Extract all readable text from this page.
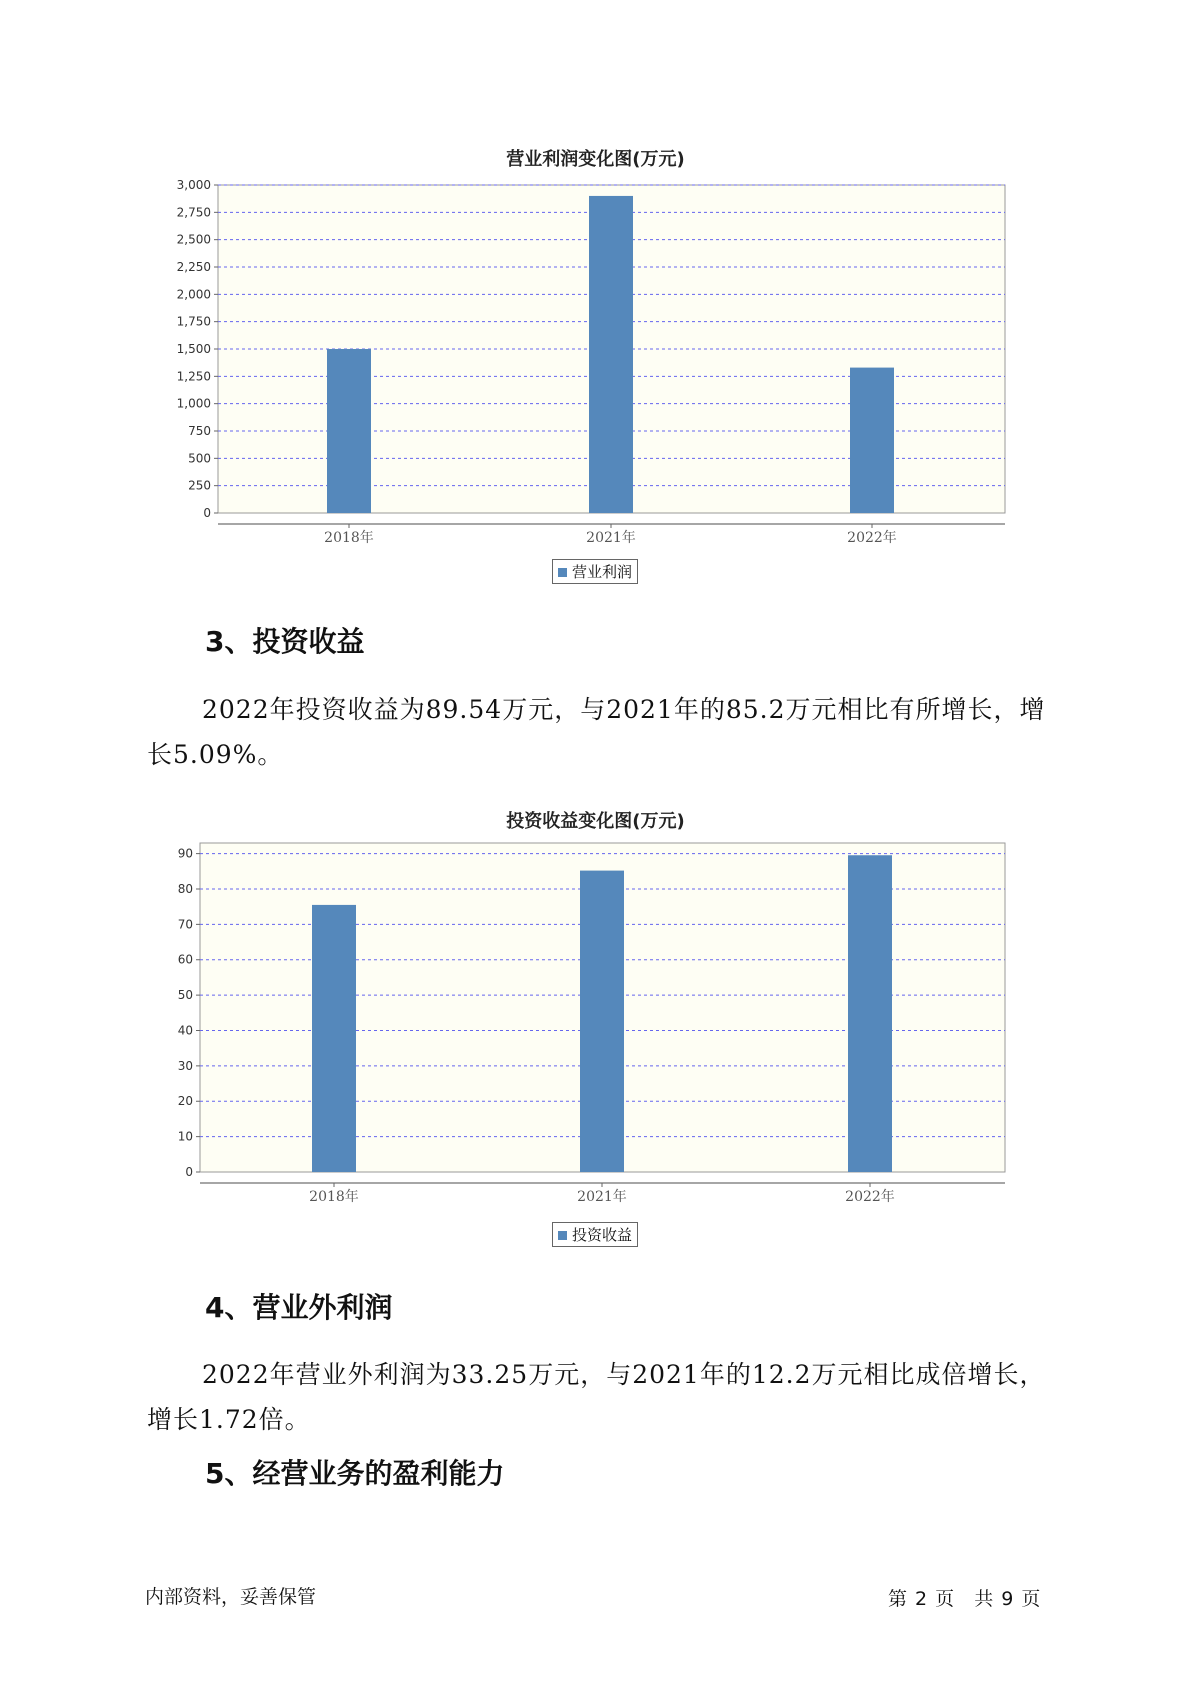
营业利润变化图(万元)
0
250
500
750
1,000
1,250
1,500
1,750
2,000
2,250
2,500
2,750
3,000
2018年	2021年	2022年
营业利润
3、投资收益
2022年投资收益为89.54万元，与2021年的85.2万元相比有所增长，增
长5.09%。
投资收益变化图(万元)
0
10
20
30
40
50
60
70
80
90
2018年	2021年	2022年
投资收益
4、营业外利润
2022年营业外利润为33.25万元，与2021年的12.2万元相比成倍增长，
增长1.72倍。
5、经营业务的盈利能力
内部资料，妥善保管	第 2 页 共 9 页
